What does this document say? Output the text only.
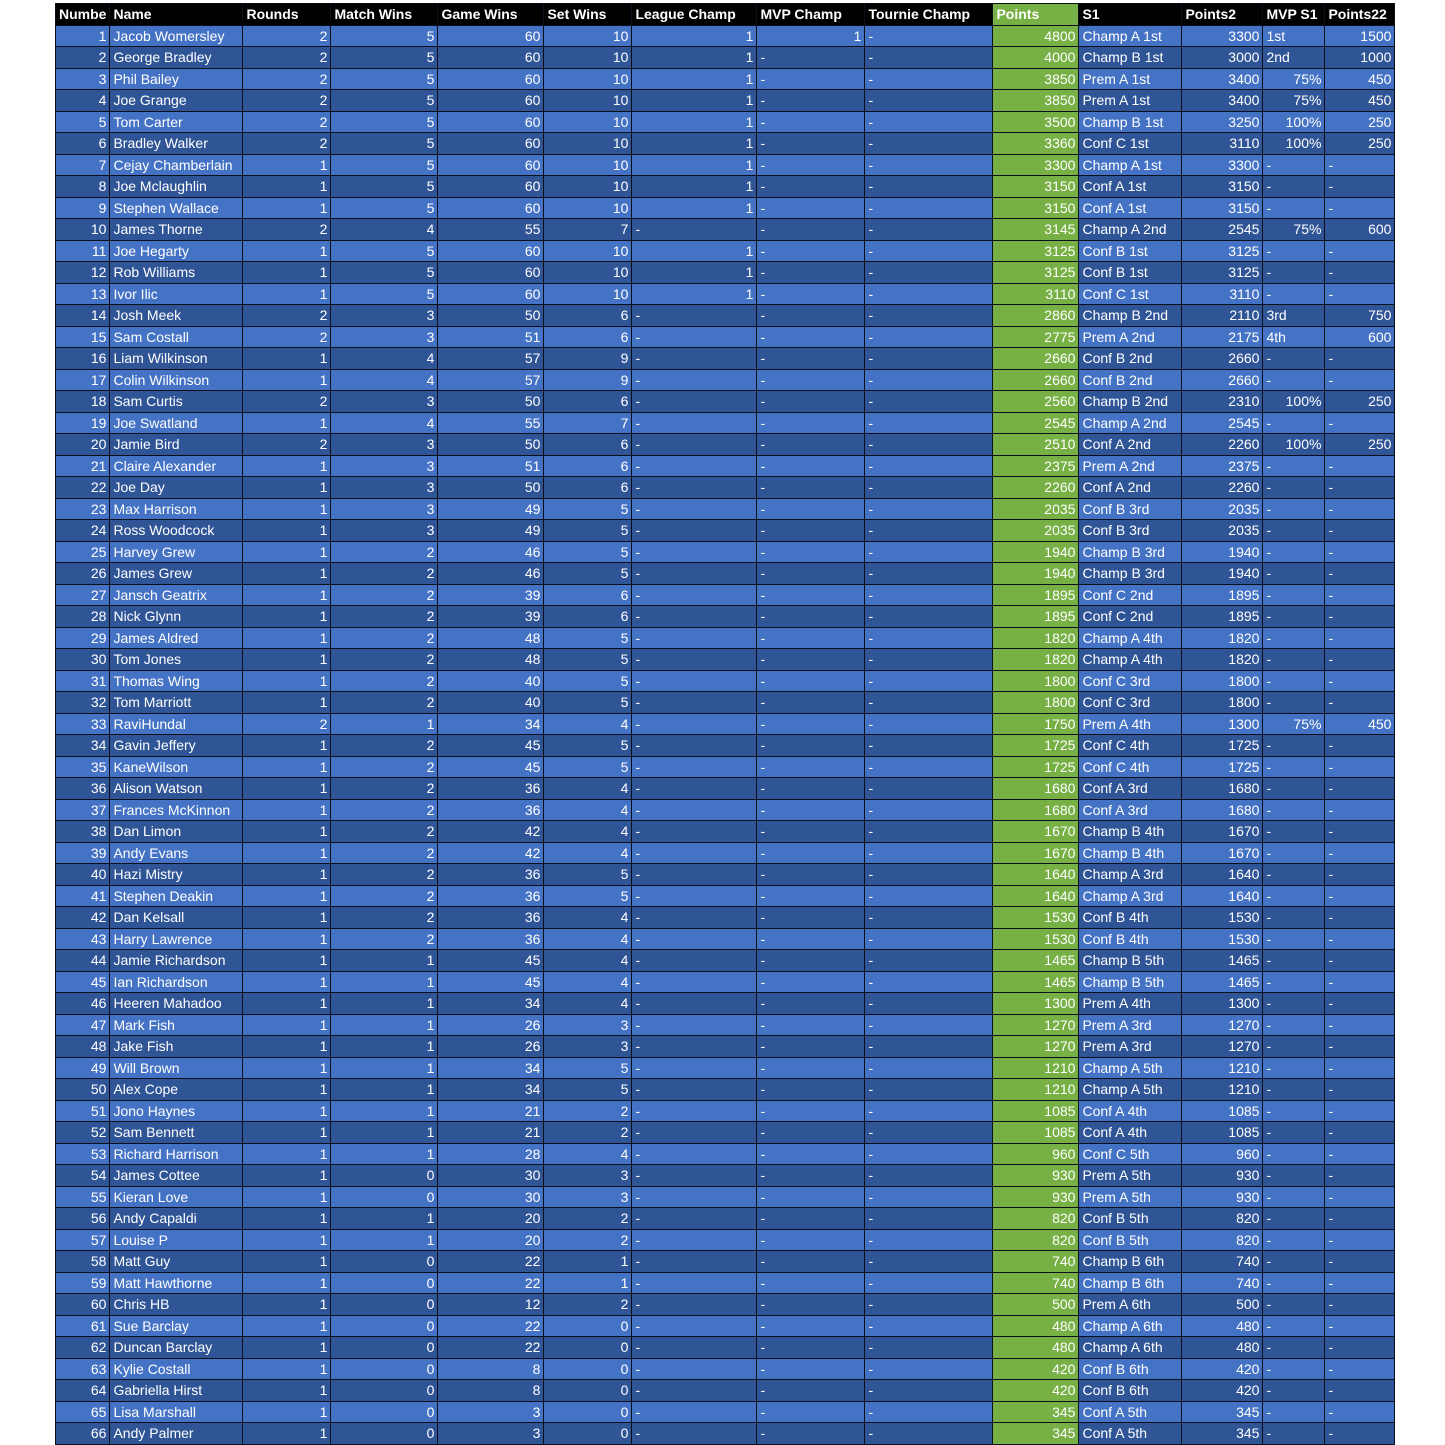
Numbe	Name	Rounds	Match Wins	Game Wins	Set Wins	League Champ	MVP Champ	Tournie Champ	Points	S1	Points2	MVP S1	Points22
1	Jacob Womersley	2	5	60	10	1	1	-	4800	Champ A 1st	3300	1st	1500
2	George Bradley	2	5	60	10	1	-	-	4000	Champ B 1st	3000	2nd	1000
3	Phil Bailey	2	5	60	10	1	-	-	3850	Prem A 1st	3400	75%	450
4	Joe Grange	2	5	60	10	1	-	-	3850	Prem A 1st	3400	75%	450
5	Tom Carter	2	5	60	10	1	-	-	3500	Champ B 1st	3250	100%	250
6	Bradley Walker	2	5	60	10	1	-	-	3360	Conf C 1st	3110	100%	250
7	Cejay Chamberlain	1	5	60	10	1	-	-	3300	Champ A 1st	3300	-	-
8	Joe Mclaughlin	1	5	60	10	1	-	-	3150	Conf A 1st	3150	-	-
9	Stephen Wallace	1	5	60	10	1	-	-	3150	Conf A 1st	3150	-	-
10	James Thorne	2	4	55	7	-	-	-	3145	Champ A 2nd	2545	75%	600
11	Joe Hegarty	1	5	60	10	1	-	-	3125	Conf B 1st	3125	-	-
12	Rob Williams	1	5	60	10	1	-	-	3125	Conf B 1st	3125	-	-
13	Ivor Ilic	1	5	60	10	1	-	-	3110	Conf C 1st	3110	-	-
14	Josh Meek	2	3	50	6	-	-	-	2860	Champ B 2nd	2110	3rd	750
15	Sam Costall	2	3	51	6	-	-	-	2775	Prem A 2nd	2175	4th	600
16	Liam Wilkinson	1	4	57	9	-	-	-	2660	Conf B 2nd	2660	-	-
17	Colin Wilkinson	1	4	57	9	-	-	-	2660	Conf B 2nd	2660	-	-
18	Sam Curtis	2	3	50	6	-	-	-	2560	Champ B 2nd	2310	100%	250
19	Joe Swatland	1	4	55	7	-	-	-	2545	Champ A 2nd	2545	-	-
20	Jamie Bird	2	3	50	6	-	-	-	2510	Conf A 2nd	2260	100%	250
21	Claire Alexander	1	3	51	6	-	-	-	2375	Prem A 2nd	2375	-	-
22	Joe Day	1	3	50	6	-	-	-	2260	Conf A 2nd	2260	-	-
23	Max Harrison	1	3	49	5	-	-	-	2035	Conf B 3rd	2035	-	-
24	Ross Woodcock	1	3	49	5	-	-	-	2035	Conf B 3rd	2035	-	-
25	Harvey Grew	1	2	46	5	-	-	-	1940	Champ B 3rd	1940	-	-
26	James Grew	1	2	46	5	-	-	-	1940	Champ B 3rd	1940	-	-
27	Jansch Geatrix	1	2	39	6	-	-	-	1895	Conf C 2nd	1895	-	-
28	Nick Glynn	1	2	39	6	-	-	-	1895	Conf C 2nd	1895	-	-
29	James Aldred	1	2	48	5	-	-	-	1820	Champ A 4th	1820	-	-
30	Tom Jones	1	2	48	5	-	-	-	1820	Champ A 4th	1820	-	-
31	Thomas Wing	1	2	40	5	-	-	-	1800	Conf C 3rd	1800	-	-
32	Tom Marriott	1	2	40	5	-	-	-	1800	Conf C 3rd	1800	-	-
33	RaviHundal	2	1	34	4	-	-	-	1750	Prem A 4th	1300	75%	450
34	Gavin Jeffery	1	2	45	5	-	-	-	1725	Conf C 4th	1725	-	-
35	KaneWilson	1	2	45	5	-	-	-	1725	Conf C 4th	1725	-	-
36	Alison Watson	1	2	36	4	-	-	-	1680	Conf A 3rd	1680	-	-
37	Frances McKinnon	1	2	36	4	-	-	-	1680	Conf A 3rd	1680	-	-
38	Dan Limon	1	2	42	4	-	-	-	1670	Champ B 4th	1670	-	-
39	Andy Evans	1	2	42	4	-	-	-	1670	Champ B 4th	1670	-	-
40	Hazi Mistry	1	2	36	5	-	-	-	1640	Champ A 3rd	1640	-	-
41	Stephen Deakin	1	2	36	5	-	-	-	1640	Champ A 3rd	1640	-	-
42	Dan Kelsall	1	2	36	4	-	-	-	1530	Conf B 4th	1530	-	-
43	Harry Lawrence	1	2	36	4	-	-	-	1530	Conf B 4th	1530	-	-
44	Jamie Richardson	1	1	45	4	-	-	-	1465	Champ B 5th	1465	-	-
45	Ian Richardson	1	1	45	4	-	-	-	1465	Champ B 5th	1465	-	-
46	Heeren Mahadoo	1	1	34	4	-	-	-	1300	Prem A 4th	1300	-	-
47	Mark Fish	1	1	26	3	-	-	-	1270	Prem A 3rd	1270	-	-
48	Jake Fish	1	1	26	3	-	-	-	1270	Prem A 3rd	1270	-	-
49	Will Brown	1	1	34	5	-	-	-	1210	Champ A 5th	1210	-	-
50	Alex Cope	1	1	34	5	-	-	-	1210	Champ A 5th	1210	-	-
51	Jono Haynes	1	1	21	2	-	-	-	1085	Conf A 4th	1085	-	-
52	Sam Bennett	1	1	21	2	-	-	-	1085	Conf A 4th	1085	-	-
53	Richard Harrison	1	1	28	4	-	-	-	960	Conf C 5th	960	-	-
54	James Cottee	1	0	30	3	-	-	-	930	Prem A 5th	930	-	-
55	Kieran Love	1	0	30	3	-	-	-	930	Prem A 5th	930	-	-
56	Andy Capaldi	1	1	20	2	-	-	-	820	Conf B 5th	820	-	-
57	Louise P	1	1	20	2	-	-	-	820	Conf B 5th	820	-	-
58	Matt Guy	1	0	22	1	-	-	-	740	Champ B 6th	740	-	-
59	Matt Hawthorne	1	0	22	1	-	-	-	740	Champ B 6th	740	-	-
60	Chris HB	1	0	12	2	-	-	-	500	Prem A 6th	500	-	-
61	Sue Barclay	1	0	22	0	-	-	-	480	Champ A 6th	480	-	-
62	Duncan Barclay	1	0	22	0	-	-	-	480	Champ A 6th	480	-	-
63	Kylie Costall	1	0	8	0	-	-	-	420	Conf B 6th	420	-	-
64	Gabriella Hirst	1	0	8	0	-	-	-	420	Conf B 6th	420	-	-
65	Lisa Marshall	1	0	3	0	-	-	-	345	Conf A 5th	345	-	-
66	Andy Palmer	1	0	3	0	-	-	-	345	Conf A 5th	345	-	-
